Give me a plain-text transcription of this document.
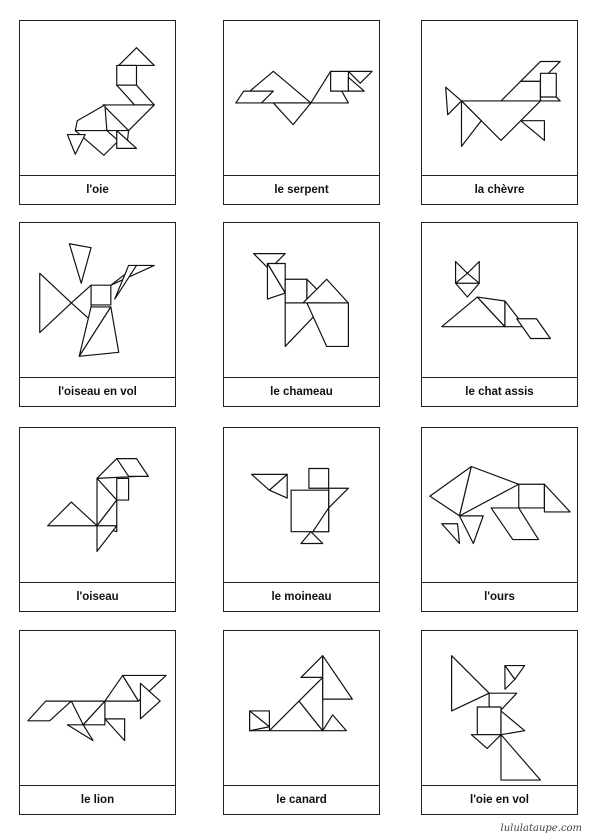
l'oie	le serpent	la chèvre
l'oiseau en vol	le chameau	le chat assis
l'oiseau	le moineau	l'ours
le lion	le canard	l'oie en vol
lululataupe.com
